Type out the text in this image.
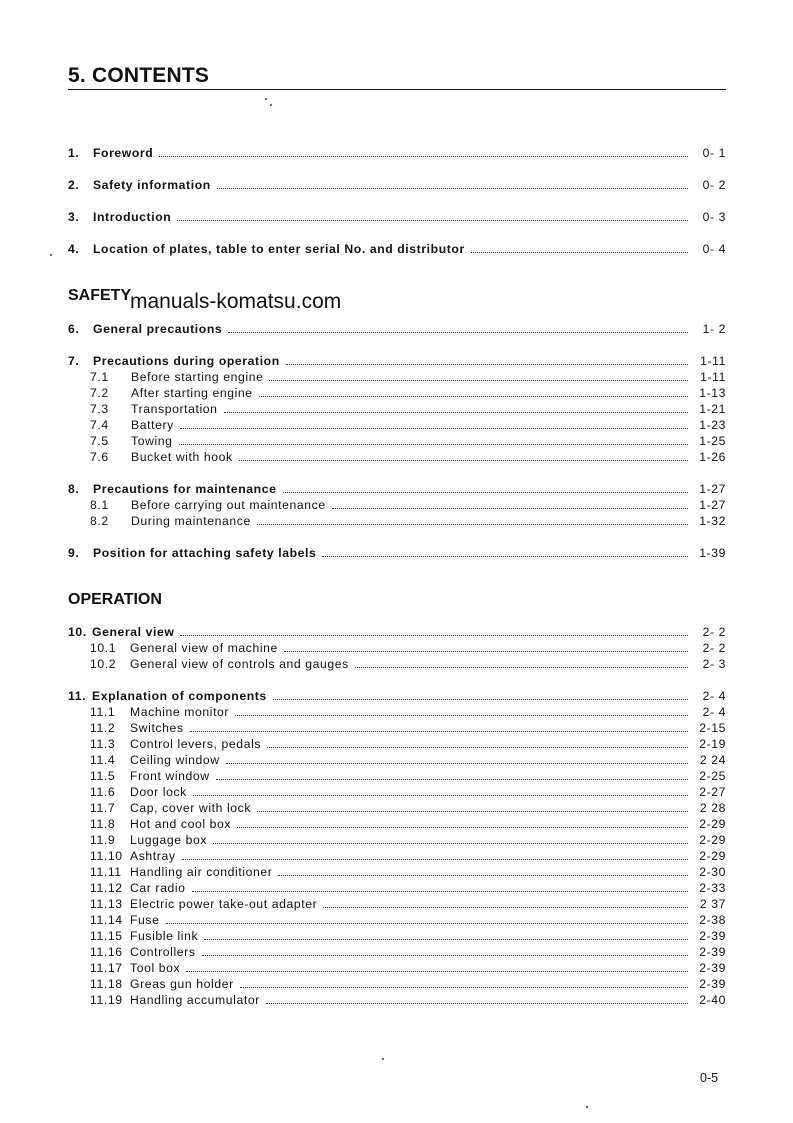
5. CONTENTS
1.	Foreword	0- 1
2.	Safety information	0- 2
3.	Introduction	0- 3
4.	Location of plates, table to enter serial No. and distributor	0- 4
SAFETY
manuals-komatsu.com
6.	General precautions	1- 2
7.	Precautions during operation	1-11
7.1	Before starting engine	1-11
7.2	After starting engine	1-13
7.3	Transportation	1-21
7.4	Battery	1-23
7.5	Towing	1-25
7.6	Bucket with hook	1-26
8.	Precautions for maintenance	1-27
8.1	Before carrying out maintenance	1-27
8.2	During maintenance	1-32
9.	Position for attaching safety labels	1-39
OPERATION
10. General view	2- 2
10.1	General view of machine	2- 2
10.2	General view of controls and gauges	2- 3
11. Explanation of components	2- 4
11.1	Machine monitor	2- 4
11.2	Switches	2-15
11.3	Control levers, pedals	2-19
11.4	Ceiling window	2 24
11.5	Front window	2-25
11.6	Door lock	2-27
11.7	Cap, cover with lock	2 28
11.8	Hot and cool box	2-29
11.9	Luggage box	2-29
11.10 Ashtray	2-29
11.11 Handling air conditioner	2-30
11.12 Car radio	2-33
11.13 Electric power take-out adapter	2 37
11.14 Fuse	2-38
11.15 Fusible link	2-39
11.16 Controllers	2-39
11.17 Tool box	2-39
11.18 Greas gun holder	2-39
11.19 Handling accumulator	2-40
0-5
